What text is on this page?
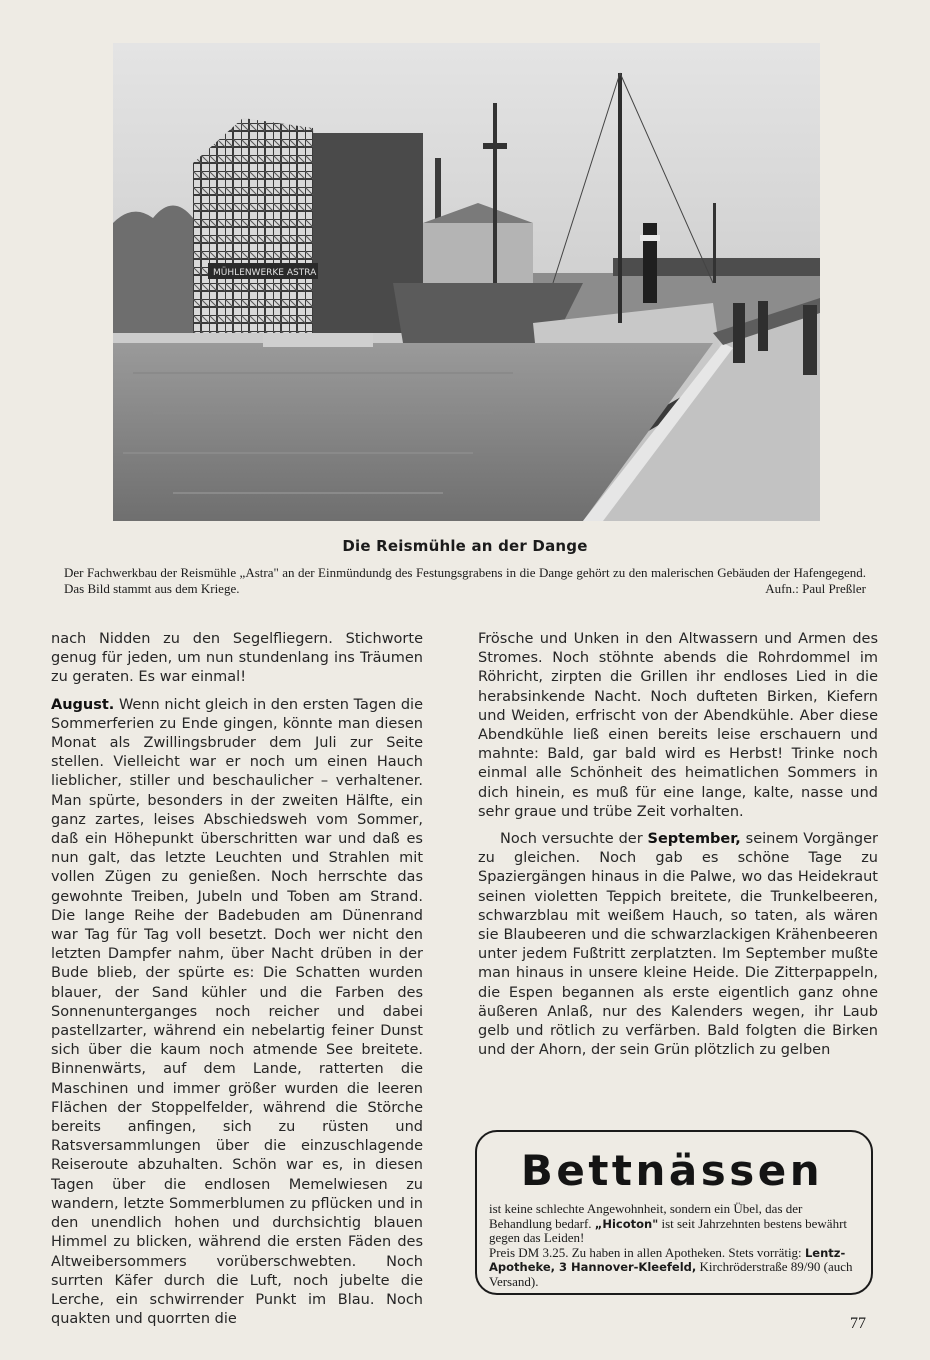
MÜHLENWERKE ASTRA
Die Reismühle an der Dange
Der Fachwerkbau der Reismühle „Astra" an der Einmündundg des Festungsgrabens in die Dange gehört zu den malerischen Gebäuden der Hafengegend. Das Bild stammt aus dem Kriege.	Aufn.: Paul Preßler

nach Nidden zu den Segelfliegern. Stichworte genug für jeden, um nun stundenlang ins Träumen zu geraten. Es war einmal!

August. Wenn nicht gleich in den ersten Tagen die Sommerferien zu Ende gingen, könnte man diesen Monat als Zwillingsbruder dem Juli zur Seite stellen. Vielleicht war er noch um einen Hauch lieblicher, stiller und beschaulicher – verhaltener. Man spürte, besonders in der zweiten Hälfte, ein ganz zartes, leises Abschiedsweh vom Sommer, daß ein Höhepunkt überschritten war und daß es nun galt, das letzte Leuchten und Strahlen mit vollen Zügen zu genießen. Noch herrschte das gewohnte Treiben, Jubeln und Toben am Strand. Die lange Reihe der Badebuden am Dünenrand war Tag für Tag voll besetzt. Doch wer nicht den letzten Dampfer nahm, über Nacht drüben in der Bude blieb, der spürte es: Die Schatten wurden blauer, der Sand kühler und die Farben des Sonnenunterganges noch reicher und dabei pastellzarter, während ein nebelartig feiner Dunst sich über die kaum noch atmende See breitete. Binnenwärts, auf dem Lande, ratterten die Maschinen und immer größer wurden die leeren Flächen der Stoppelfelder, während die Störche bereits anfingen, sich zu rüsten und Ratsversammlungen über die einzuschlagende Reiseroute abzuhalten. Schön war es, in diesen Tagen über die endlosen Memelwiesen zu wandern, letzte Sommerblumen zu pflücken und in den unendlich hohen und durchsichtig blauen Himmel zu blicken, während die ersten Fäden des Altweibersommers vorüberschwebten. Noch surrten Käfer durch die Luft, noch jubelte die Lerche, ein schwirrender Punkt im Blau. Noch quakten und quorrten die

Frösche und Unken in den Altwassern und Armen des Stromes. Noch stöhnte abends die Rohrdommel im Röhricht, zirpten die Grillen ihr endloses Lied in die herabsinkende Nacht. Noch dufteten Birken, Kiefern und Weiden, erfrischt von der Abendkühle. Aber diese Abendkühle ließ einen bereits leise erschauern und mahnte: Bald, gar bald wird es Herbst! Trinke noch einmal alle Schönheit des heimatlichen Sommers in dich hinein, es muß für eine lange, kalte, nasse und sehr graue und trübe Zeit vorhalten.

Noch versuchte der September, seinem Vorgänger zu gleichen. Noch gab es schöne Tage zu Spaziergängen hinaus in die Palwe, wo das Heidekraut seinen violetten Teppich breitete, die Trunkelbeeren, schwarzblau mit weißem Hauch, so taten, als wären sie Blaubeeren und die schwarzlackigen Krähenbeeren unter jedem Fußtritt zerplatzten. Im September mußte man hinaus in unsere kleine Heide. Die Zitterpappeln, die Espen begannen als erste eigentlich ganz ohne äußeren Anlaß, nur des Kalenders wegen, ihr Laub gelb und rötlich zu verfärben. Bald folgten die Birken und der Ahorn, der sein Grün plötzlich zu gelben

Bettnässen
ist keine schlechte Angewohnheit, sondern ein Übel, das der Behandlung bedarf. „Hicoton" ist seit Jahrzehnten bestens bewährt gegen das Leiden!
Preis DM 3.25. Zu haben in allen Apotheken. Stets vorrätig: Lentz-Apotheke, 3 Hannover-Kleefeld, Kirchröderstraße 89/90 (auch Versand).
77
